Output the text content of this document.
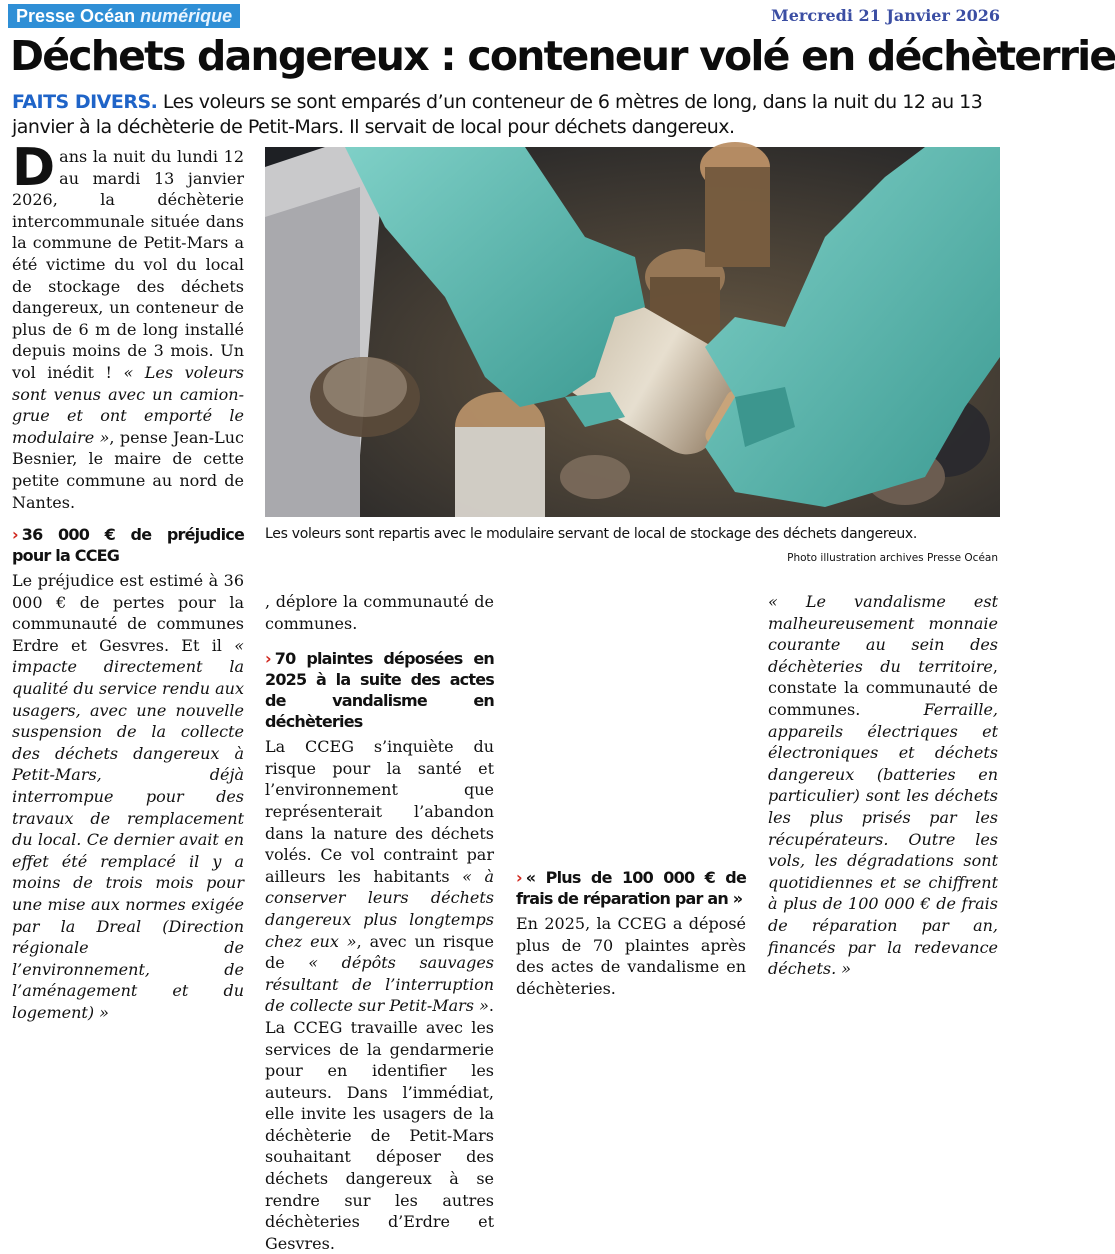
Presse Océan numérique	Mercredi 21 Janvier 2026
Déchets dangereux : conteneur volé en déchèterrie
FAITS DIVERS. Les voleurs se sont emparés d’un conteneur de 6 mètres de long, dans la nuit du 12 au 13 janvier à la déchèterie de Petit-Mars. Il servait de local pour déchets dangereux.
Les voleurs sont repartis avec le modulaire servant de local de stockage des déchets dangereux.
Photo illustration archives Presse Océan
Dans la nuit du lundi 12 au mardi 13 janvier 2026, la déchèterie intercommunale située dans la commune de Petit-Mars a été victime du vol du local de stockage des déchets dangereux, un conteneur de plus de 6 m de long installé depuis moins de 3 mois. Un vol inédit ! « Les voleurs sont venus avec un camion-grue et ont emporté le modulaire », pense Jean-Luc Besnier, le maire de cette petite commune au nord de Nantes.
› 36 000 € de préjudice pour la CCEG
Le préjudice est estimé à 36 000 € de pertes pour la communauté de communes Erdre et Gesvres. Et il « impacte directement la qualité du service rendu aux usagers, avec une nouvelle suspension de la collecte des déchets dangereux à Petit-Mars, déjà interrompue pour des travaux de remplacement du local. Ce dernier avait en effet été remplacé il y a moins de trois mois pour une mise aux normes exigée par la Dreal (Direction régionale de l’environnement, de l’aménagement et du logement) »
, déplore la communauté de communes.
› 70 plaintes déposées en 2025 à la suite des actes de vandalisme en déchèteries
La CCEG s’inquiète du risque pour la santé et l’environnement que représenterait l’abandon dans la nature des déchets volés. Ce vol contraint par ailleurs les habitants « à conserver leurs déchets dangereux plus longtemps chez eux », avec un risque de « dépôts sauvages résultant de l’interruption de collecte sur Petit-Mars ». La CCEG travaille avec les services de la gendarmerie pour en identifier les auteurs. Dans l’immédiat, elle invite les usagers de la déchèterie de Petit-Mars souhaitant déposer des déchets dangereux à se rendre sur les autres déchèteries d’Erdre et Gesvres.
› « Plus de 100 000 € de frais de réparation par an »
En 2025, la CCEG a déposé plus de 70 plaintes après des actes de vandalisme en déchèteries.
« Le vandalisme est malheureusement monnaie courante au sein des déchèteries du territoire, constate la communauté de communes. Ferraille, appareils électriques et électroniques et déchets dangereux (batteries en particulier) sont les déchets les plus prisés par les récupérateurs. Outre les vols, les dégradations sont quotidiennes et se chiffrent à plus de 100 000 € de frais de réparation par an, financés par la redevance déchets. »
